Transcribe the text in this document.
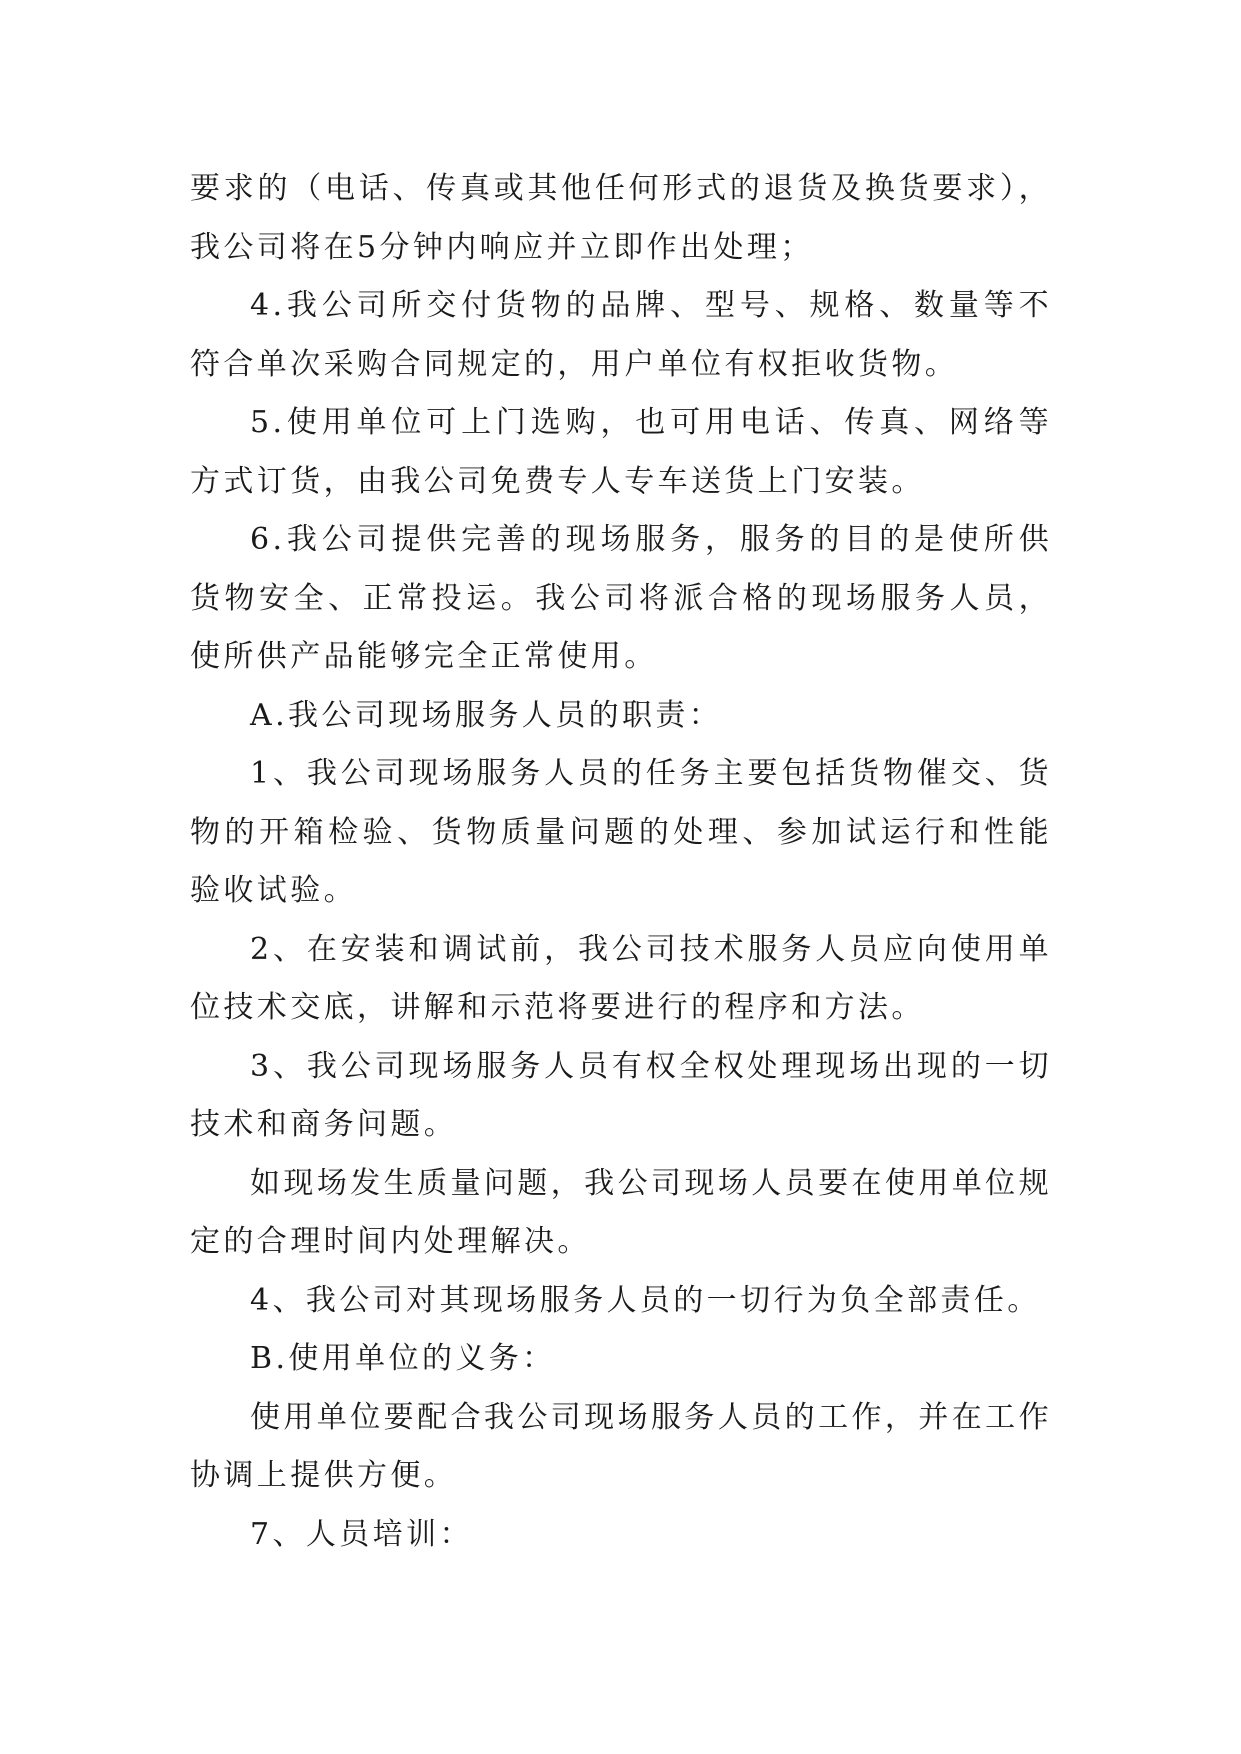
要求的（电话、传真或其他任何形式的退货及换货要求），我公司将在5分钟内响应并立即作出处理；

4.我公司所交付货物的品牌、型号、规格、数量等不符合单次采购合同规定的，用户单位有权拒收货物。

5.使用单位可上门选购，也可用电话、传真、网络等方式订货，由我公司免费专人专车送货上门安装。

6.我公司提供完善的现场服务，服务的目的是使所供货物安全、正常投运。我公司将派合格的现场服务人员，使所供产品能够完全正常使用。

A.我公司现场服务人员的职责：

1、我公司现场服务人员的任务主要包括货物催交、货物的开箱检验、货物质量问题的处理、参加试运行和性能验收试验。

2、在安装和调试前，我公司技术服务人员应向使用单位技术交底，讲解和示范将要进行的程序和方法。

3、我公司现场服务人员有权全权处理现场出现的一切技术和商务问题。

如现场发生质量问题，我公司现场人员要在使用单位规定的合理时间内处理解决。

4、我公司对其现场服务人员的一切行为负全部责任。

B.使用单位的义务：

使用单位要配合我公司现场服务人员的工作，并在工作协调上提供方便。

7、人员培训：
